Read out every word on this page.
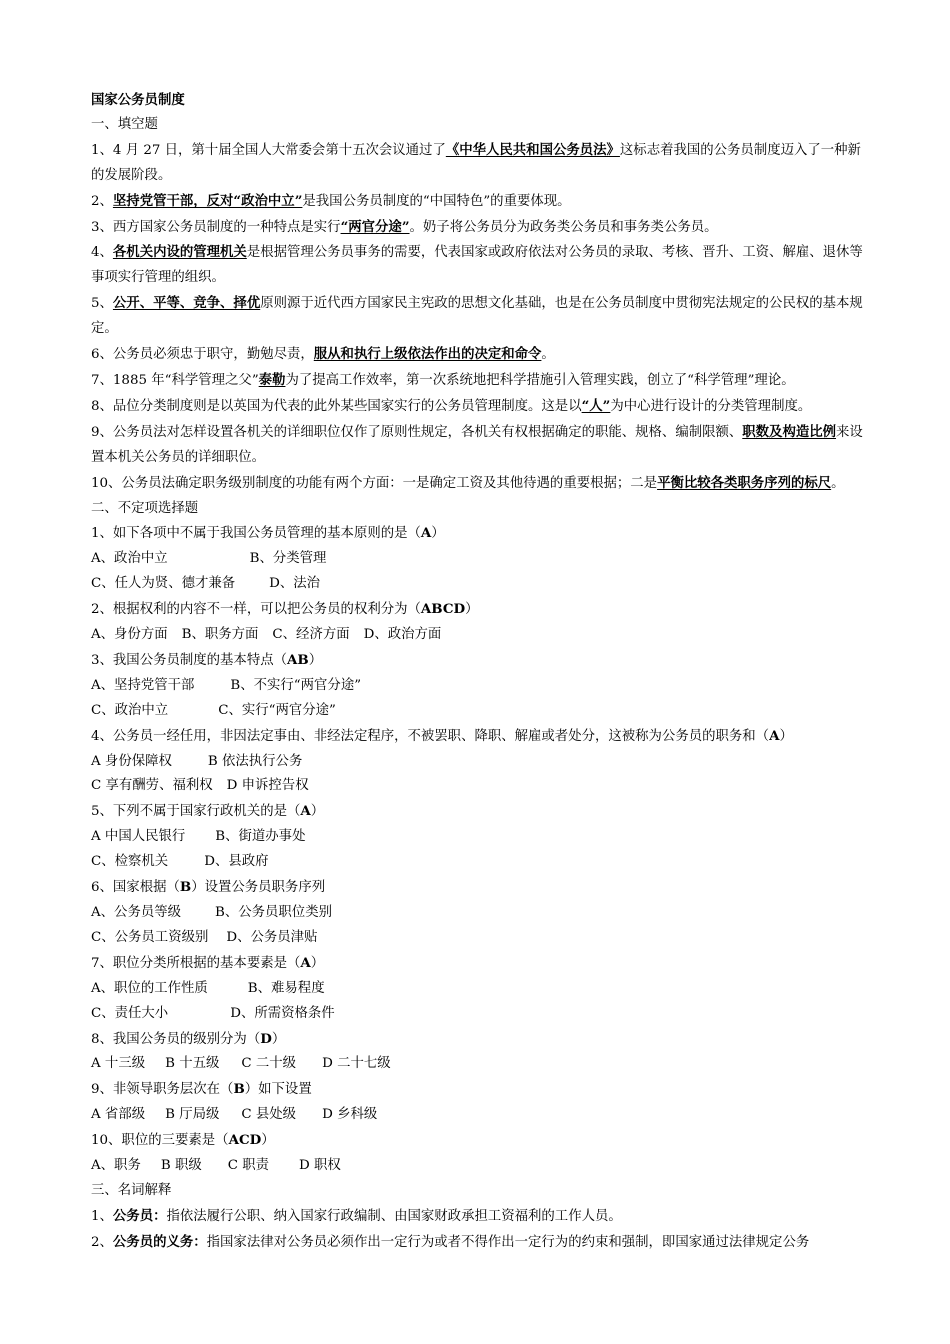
国家公务员制度
一、填空题
1、4 月 27 日，第十届全国人大常委会第十五次会议通过了《中华人民共和国公务员法》这标志着我国的公务员制度迈入了一种新的发展阶段。
2、坚持党管干部，反对“政治中立”是我国公务员制度的“中国特色”的重要体现。
3、西方国家公务员制度的一种特点是实行“两官分途”。奶子将公务员分为政务类公务员和事务类公务员。
4、各机关内设的管理机关是根据管理公务员事务的需要，代表国家或政府依法对公务员的录取、考核、晋升、工资、解雇、退休等事项实行管理的组织。
5、公开、平等、竞争、择优原则源于近代西方国家民主宪政的思想文化基础，也是在公务员制度中贯彻宪法规定的公民权的基本规定。
6、公务员必须忠于职守，勤勉尽责，服从和执行上级依法作出的决定和命令。
7、1885 年“科学管理之父”泰勒为了提高工作效率，第一次系统地把科学措施引入管理实践，创立了“科学管理”理论。
8、品位分类制度则是以英国为代表的此外某些国家实行的公务员管理制度。这是以“人”为中心进行设计的分类管理制度。
9、公务员法对怎样设置各机关的详细职位仅作了原则性规定，各机关有权根据确定的职能、规格、编制限额、职数及构造比例来设置本机关公务员的详细职位。
10、公务员法确定职务级别制度的功能有两个方面：一是确定工资及其他待遇的重要根据；二是平衡比较各类职务序列的标尺。
二、不定项选择题
1、如下各项中不属于我国公务员管理的基本原则的是（A）
A、政治中立	B、分类管理
C、任人为贤、德才兼备	D、法治
2、根据权利的内容不一样，可以把公务员的权利分为（ABCD）
A、身份方面 B、职务方面 C、经济方面 D、政治方面
3、我国公务员制度的基本特点（AB）
A、坚持党管干部	B、不实行“两官分途”
C、政治中立	C、实行“两官分途”
4、公务员一经任用，非因法定事由、非经法定程序，不被罢职、降职、解雇或者处分，这被称为公务员的职务和（A）
A 身份保障权	B 依法执行公务
C 享有酬劳、福利权 D 申诉控告权
5、下列不属于国家行政机关的是（A）
A 中国人民银行 B、街道办事处
C、检察机关	D、县政府
6、国家根据（B）设置公务员职务序列
A、公务员等级	B、公务员职位类别
C、公务员工资级别 D、公务员津贴
7、职位分类所根据的基本要素是（A）
A、职位的工作性质	B、难易程度
C、责任大小	D、所需资格条件
8、我国公务员的级别分为（D）
A 十三级 B 十五级 C 二十级 D 二十七级
9、非领导职务层次在（B）如下设置
A 省部级 B 厅局级 C 县处级 D 乡科级
10、职位的三要素是（ACD）
A、职务 B 职级 C 职责 D 职权
三、名词解释
1、公务员：指依法履行公职、纳入国家行政编制、由国家财政承担工资福利的工作人员。
2、公务员的义务：指国家法律对公务员必须作出一定行为或者不得作出一定行为的约束和强制，即国家通过法律规定公务
